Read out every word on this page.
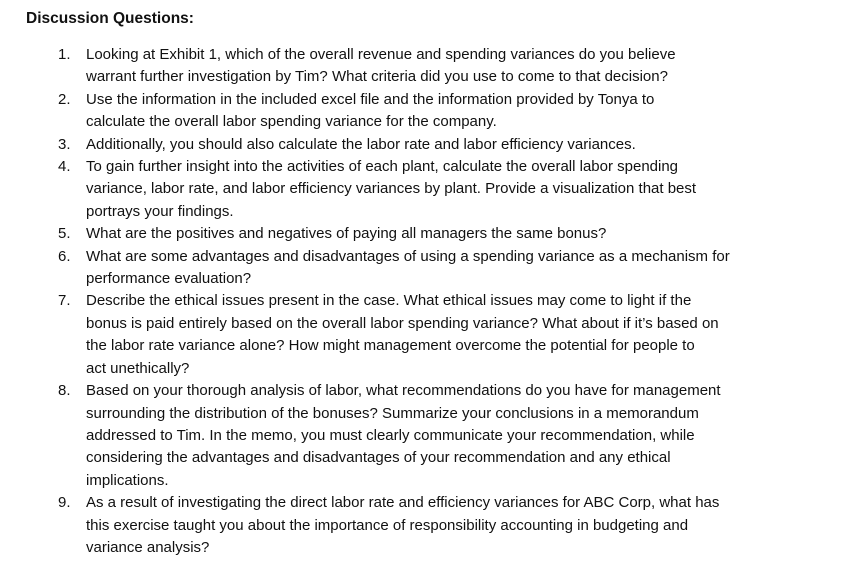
Discussion Questions:
1.	Looking at Exhibit 1, which of the overall revenue and spending variances do you believe
warrant further investigation by Tim? What criteria did you use to come to that decision?
2.	Use the information in the included excel file and the information provided by Tonya to
calculate the overall labor spending variance for the company.
3.	Additionally, you should also calculate the labor rate and labor efficiency variances.
4.	To gain further insight into the activities of each plant, calculate the overall labor spending
variance, labor rate, and labor efficiency variances by plant. Provide a visualization that best
portrays your findings.
5.	What are the positives and negatives of paying all managers the same bonus?
6.	What are some advantages and disadvantages of using a spending variance as a mechanism for
performance evaluation?
7.	Describe the ethical issues present in the case. What ethical issues may come to light if the
bonus is paid entirely based on the overall labor spending variance? What about if it’s based on
the labor rate variance alone? How might management overcome the potential for people to
act unethically?
8.	Based on your thorough analysis of labor, what recommendations do you have for management
surrounding the distribution of the bonuses? Summarize your conclusions in a memorandum
addressed to Tim. In the memo, you must clearly communicate your recommendation, while
considering the advantages and disadvantages of your recommendation and any ethical
implications.
9.	As a result of investigating the direct labor rate and efficiency variances for ABC Corp, what has
this exercise taught you about the importance of responsibility accounting in budgeting and
variance analysis?
